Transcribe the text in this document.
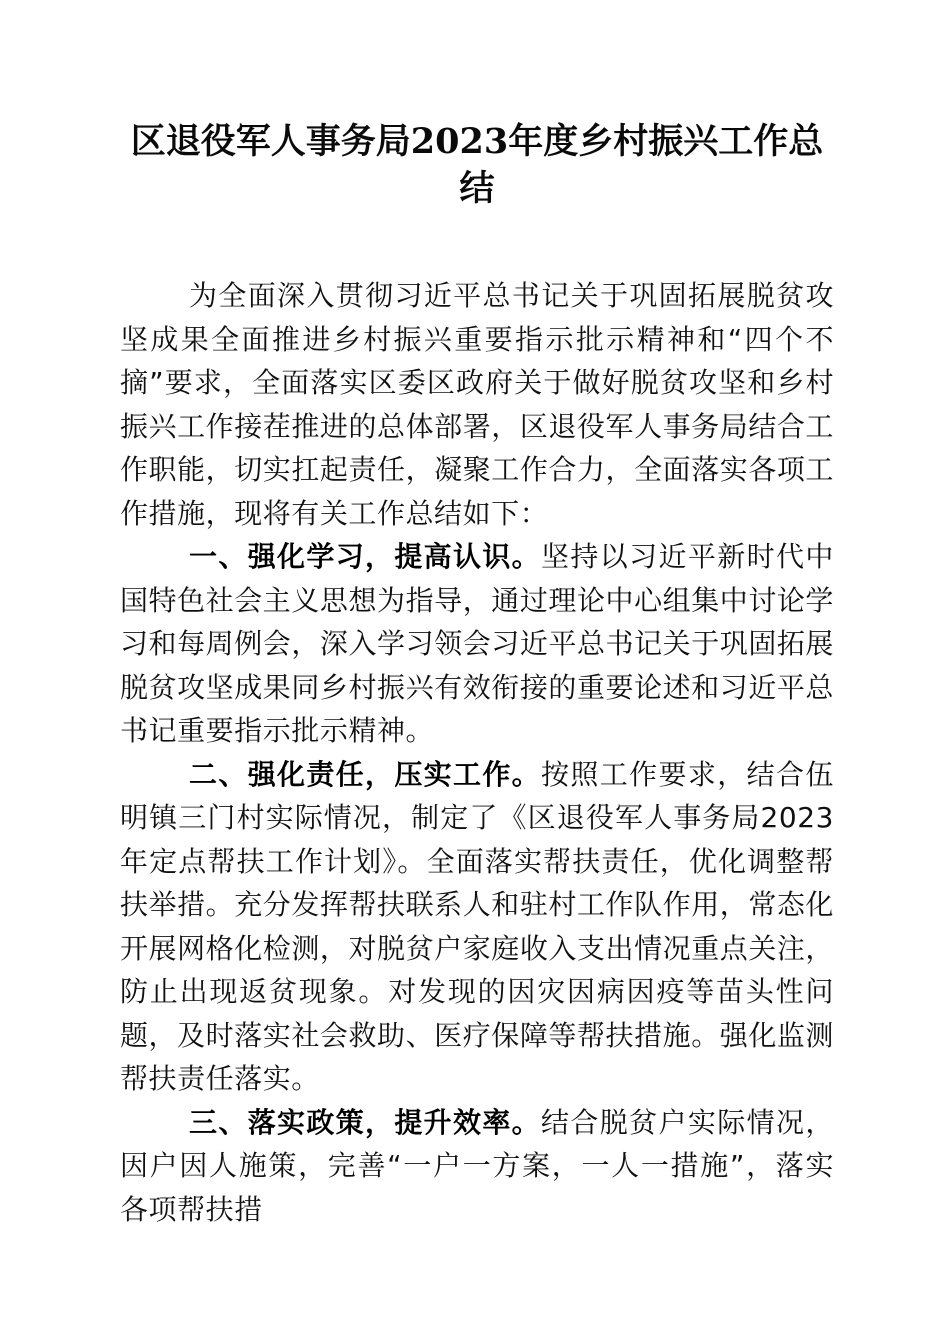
区退役军人事务局2023年度乡村振兴工作总结

为全面深入贯彻习近平总书记关于巩固拓展脱贫攻坚成果全面推进乡村振兴重要指示批示精神和“四个不摘”要求，全面落实区委区政府关于做好脱贫攻坚和乡村振兴工作接茬推进的总体部署，区退役军人事务局结合工作职能，切实扛起责任，凝聚工作合力，全面落实各项工作措施，现将有关工作总结如下：

一、强化学习，提高认识。坚持以习近平新时代中国特色社会主义思想为指导，通过理论中心组集中讨论学习和每周例会，深入学习领会习近平总书记关于巩固拓展脱贫攻坚成果同乡村振兴有效衔接的重要论述和习近平总书记重要指示批示精神。

二、强化责任，压实工作。按照工作要求，结合伍明镇三门村实际情况，制定了《区退役军人事务局2023年定点帮扶工作计划》。全面落实帮扶责任，优化调整帮扶举措。充分发挥帮扶联系人和驻村工作队作用，常态化开展网格化检测，对脱贫户家庭收入支出情况重点关注，防止出现返贫现象。对发现的因灾因病因疫等苗头性问题，及时落实社会救助、医疗保障等帮扶措施。强化监测帮扶责任落实。

三、落实政策，提升效率。结合脱贫户实际情况，因户因人施策，完善“一户一方案，一人一措施”，落实各项帮扶措
